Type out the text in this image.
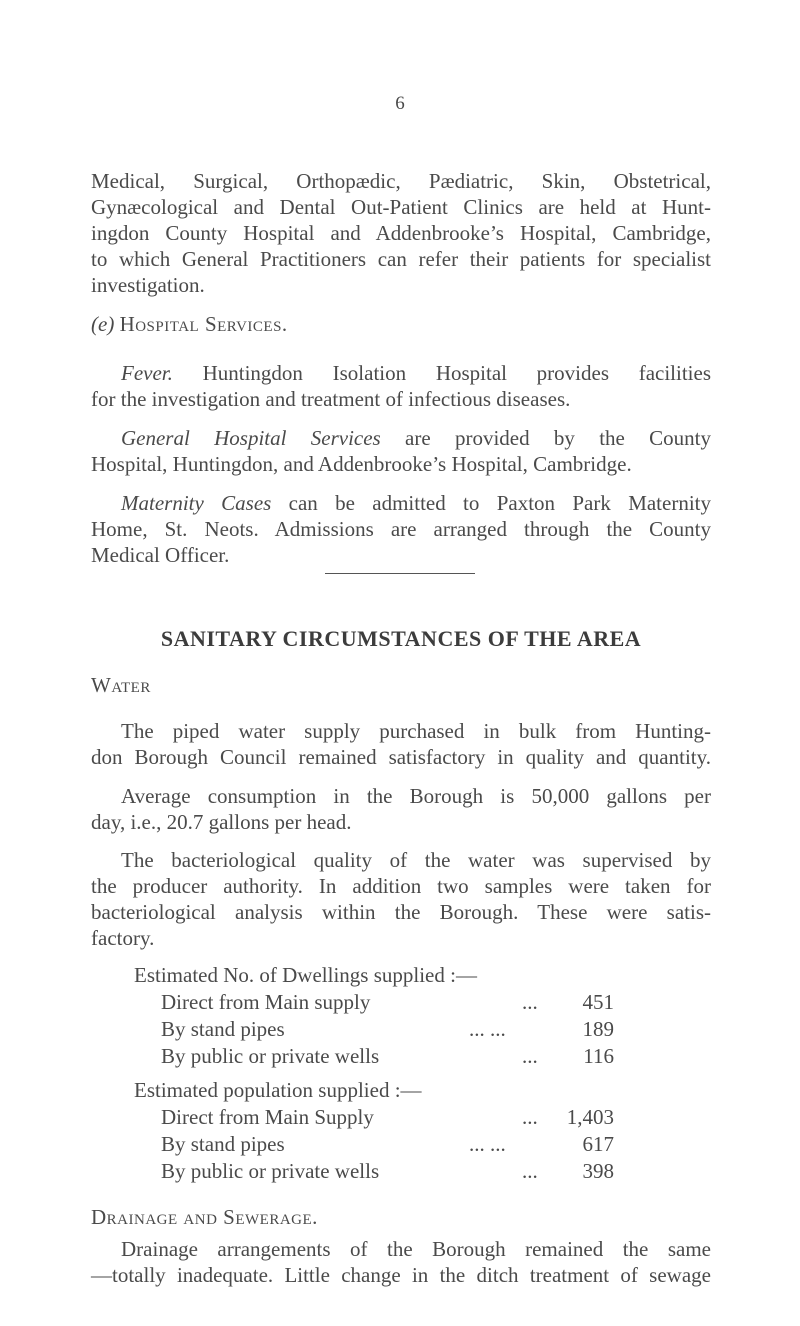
6
Medical, Surgical, Orthopædic, Pædiatric, Skin, Obstetrical,
Gynæcological and Dental Out-Patient Clinics are held at Hunt-
ingdon County Hospital and Addenbrooke’s Hospital, Cambridge,
to which General Practitioners can refer their patients for specialist
investigation.
(e) Hospital Services.
Fever. Huntingdon Isolation Hospital provides facilities
for the investigation and treatment of infectious diseases.
General Hospital Services are provided by the County
Hospital, Huntingdon, and Addenbrooke’s Hospital, Cambridge.
Maternity Cases can be admitted to Paxton Park Maternity
Home, St. Neots. Admissions are arranged through the County
Medical Officer.
SANITARY CIRCUMSTANCES OF THE AREA
Water
The piped water supply purchased in bulk from Hunting-
don Borough Council remained satisfactory in quality and quantity.
Average consumption in the Borough is 50,000 gallons per
day, i.e., 20.7 gallons per head.
The bacteriological quality of the water was supervised by
the producer authority. In addition two samples were taken for
bacteriological analysis within the Borough. These were satis-
factory.
Estimated No. of Dwellings supplied :—
Direct from Main supply	...	451
By stand pipes	... ...	189
By public or private wells	...	116
Estimated population supplied :—
Direct from Main Supply	...	1,403
By stand pipes	... ...	617
By public or private wells	...	398
Drainage and Sewerage.
Drainage arrangements of the Borough remained the same
—totally inadequate. Little change in the ditch treatment of sewage
